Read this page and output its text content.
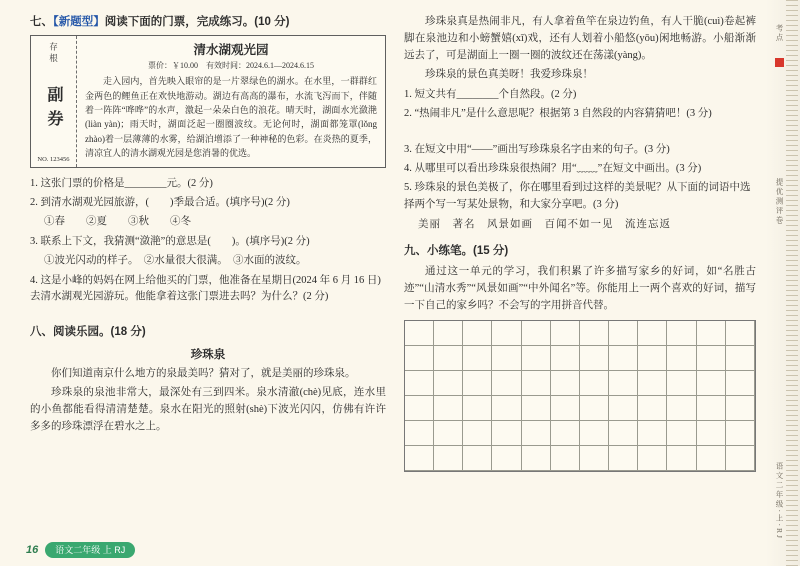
七、【新题型】阅读下面的门票，完成练习。(10 分)
存根
副券
NO. 123456
清水湖观光园
票价：￥10.00　有效时间：2024.6.1—2024.6.15
走入园内，首先映入眼帘的是一片翠绿色的湖水。在水里，一群群红金两色的鲤鱼正在欢快地游动。湖边有高高的瀑布，水流飞泻而下，伴随着一阵阵“哗哗”的水声，激起一朵朵白色的浪花。晴天时，湖面水光潋滟(liàn yàn)；雨天时，湖面泛起一圈圈波纹。无论何时，湖面都笼罩(lǒng zhào)着一层薄薄的水雾，给湖泊增添了一种神秘的色彩。在炎热的夏季，清凉宜人的清水湖观光园是您消暑的优选。
1. 这张门票的价格是________元。(2 分)
2. 到清水湖观光园旅游，(　　)季最合适。(填序号)(2 分)
①春　　②夏　　③秋　　④冬
3. 联系上下文，我猜测“潋滟”的意思是(　　)。(填序号)(2 分)
①波光闪动的样子。　②水量很大很满。　③水面的波纹。
4. 这是小峰的妈妈在网上给他买的门票，他准备在星期日(2024 年 6 月 16 日)去清水湖观光园游玩。他能拿着这张门票进去吗？为什么？(2 分)
八、阅读乐园。(18 分)
珍珠泉

你们知道南京什么地方的泉最美吗？猜对了，就是美丽的珍珠泉。

珍珠泉的泉池非常大，最深处有三到四米。泉水清澈(chè)见底，连水里的小鱼都能看得清清楚楚。泉水在阳光的照射(shè)下波光闪闪，仿佛有许许多多的珍珠漂浮在碧水之上。

珍珠泉真是热闹非凡，有人拿着鱼竿在泉边钓鱼，有人干脆(cuì)卷起裤脚在泉池边和小螃蟹嬉(xī)戏，还有人划着小船悠(yōu)闲地畅游。小船渐渐远去了，可是湖面上一圈一圈的波纹还在荡漾(yàng)。

珍珠泉的景色真美呀！我爱珍珠泉！

1. 短文共有________个自然段。(2 分)
2. “热闹非凡”是什么意思呢？根据第 3 自然段的内容猜猜吧！(3 分)
3. 在短文中用“——”画出写珍珠泉名字由来的句子。(3 分)
4. 从哪里可以看出珍珠泉很热闹？用“﹏﹏”在短文中画出。(3 分)
5. 珍珠泉的景色美极了，你在哪里看到过这样的美景呢？从下面的词语中选择两个写一写某处景物，和大家分享吧。(3 分)
美丽　著名　风景如画　百闻不如一见　流连忘返
九、小练笔。(15 分)

通过这一单元的学习，我们积累了许多描写家乡的好词，如“名胜古迹”“山清水秀”“风景如画”“中外闻名”等。你能用上一两个喜欢的好词，描写一下自己的家乡吗？不会写的字用拼音代替。

考点
提优测评卷
语文二年级·上·RJ
16	语文二年级 上 RJ
